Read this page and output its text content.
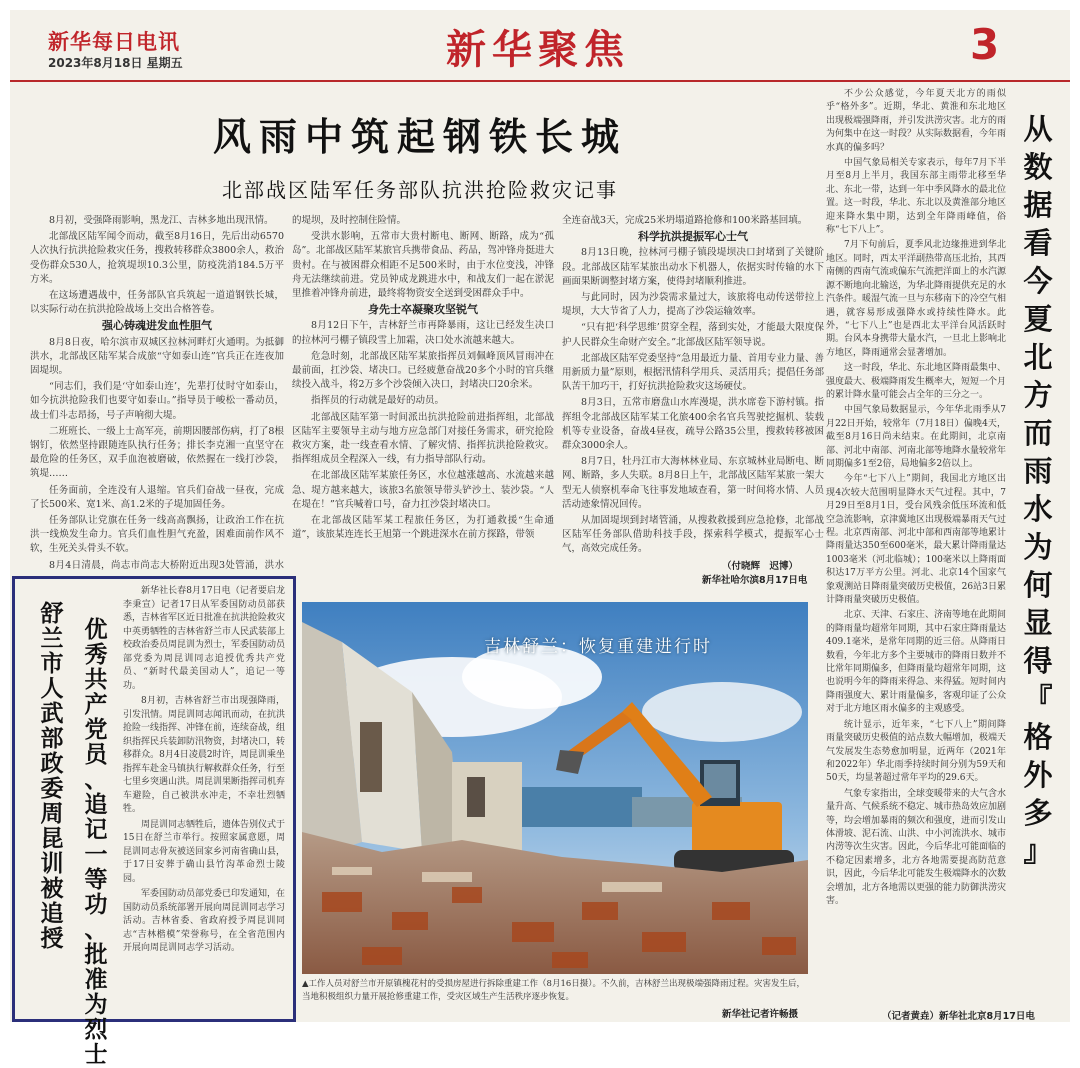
新华每日电讯
2023年8月18日 星期五	新华聚焦	3
风雨中筑起钢铁长城
北部战区陆军任务部队抗洪抢险救灾记事

8月初，受强降雨影响，黑龙江、吉林多地出现汛情。

北部战区陆军闻令而动，截至8月16日，先后出动6570人次执行抗洪抢险救灾任务，搜救转移群众3800余人，救治受伤群众530人，抢筑堤坝10.3公里，防疫洗消184.5万平方米。

在这场遭遇战中，任务部队官兵筑起一道道钢铁长城，以实际行动在抗洪抢险战场上交出合格答卷。

强心铸魂进发血性胆气

8月8日夜，哈尔滨市双城区拉林河畔灯火通明。为抵御洪水，北部战区陆军某合成旅“守如泰山连”官兵正在连夜加固堤坝。

“同志们，我们是‘守如泰山连’，先辈打仗时守如泰山，如今抗洪抢险我们也要守如泰山。”指导员于峻松一番动员，战士们斗志昂扬，号子声响彻大堤。

二班班长、一级上士高军亮，前期因腰部伤病，打了8根钢钉，依然坚持跟随连队执行任务；排长李克湘一直坚守在最危险的任务区，双手血泡被磨破，依然握在一线打沙袋，筑堤……

任务面前，全连没有人退缩。官兵们奋战一昼夜，完成了长500米、宽1米、高1.2米的子堤加固任务。

任务部队让党旗在任务一线高高飘扬，让政治工作在抗洪一线焕发生命力。官兵们血性胆气充盈，困难面前作风不软，生死关头骨头不软。

8月4日清晨，尚志市尚志大桥附近出现3处管涌，洪水

的堤坝，及时控制住险情。

受洪水影响，五常市大贵村断电、断网、断路，成为“孤岛”。北部战区陆军某旅官兵携带食品、药品，驾冲锋舟挺进大贵村。在与被困群众相距不足500米时，由于水位变浅，冲锋舟无法继续前进。党员钟成龙跳进水中，和战友们一起在淤泥里推着冲锋舟前进，最终将物资安全送到受困群众手中。

身先士卒凝聚攻坚锐气

8月12日下午，吉林舒兰市再降暴雨，这让已经发生决口的拉林河弓棚子镇段雪上加霜，决口处水流越来越大。

危急时刻，北部战区陆军某旅指挥员刘佩峰顶风冒雨冲在最前面，扛沙袋、堵决口。已经疲惫奋战20多个小时的官兵继续投入战斗，将2万多个沙袋倾入决口，封堵决口20余米。

指挥员的行动就是最好的动员。

北部战区陆军第一时间派出抗洪抢险前进指挥组，北部战区陆军主要领导主动与地方应急部门对接任务需求，研究抢险救灾方案，赴一线查看水情、了解灾情、指挥抗洪抢险救灾。指挥组成员全程深入一线，有力指导部队行动。

在北部战区陆军某旅任务区，水位越涨越高、水流越来越急、堤方越来越大，该旅3名旅领导带头铲沙土、装沙袋。“人在堤在！”官兵喊着口号，奋力扛沙袋封堵决口。

在北部战区陆军某工程旅任务区，为打通救援“生命通道”，该旅某连连长王旭第一个跳进深水在前方探路，带领

全连奋战3天，完成25米坍塌道路抢修和100米路基回填。

科学抗洪提振军心士气

8月13日晚，拉林河弓棚子镇段堤坝决口封堵到了关键阶段。北部战区陆军某旅出动水下机器人，依据实时传输的水下画面果断调整封堵方案，使得封堵顺利推进。

与此同时，因为沙袋需求量过大，该旅将电动传送带拉上堤坝，大大节省了人力，提高了沙袋运输效率。

“只有把‘科学思维’贯穿全程，落到实处，才能最大限度保护人民群众生命财产安全。”北部战区陆军领导说。

北部战区陆军党委坚持“急用最近力量、首用专业力量、善用新质力量”原则，根据汛情科学用兵、灵活用兵；提倡任务部队苦干加巧干，打好抗洪抢险救灾这场硬仗。

8月3日，五常市磨盘山水库漫堤，洪水席卷下游村镇。指挥组令北部战区陆军某工化旅400余名官兵驾驶挖掘机、装载机等专业设备，奋战4昼夜，疏导公路35公里，搜救转移被困群众3000余人。

8月7日，牡丹江市大海林林业局、东京城林业局断电、断网、断路，多人失联。8月8日上午，北部战区陆军某旅一架大型无人侦察机奉命飞往事发地域查看，第一时间将水情、人员活动迹象情况回传。

从加固堤坝到封堵管涌，从搜救救援到应急抢修，北部战区陆军任务部队借助科技手段，探索科学模式，提振军心士气，高效完成任务。

（付晓辉　迟博）
新华社哈尔滨8月17日电
舒
兰
市
人
武
部
政
委
周
昆
训
被
追
授
优
秀
共
产
党
员
、
追
记
一
等
功
、
批
准
为
烈
士

新华社长春8月17日电（记者要启龙　李秉宣）记者17日从军委国防动员部获悉，吉林省军区近日批准在抗洪抢险救灾中英勇牺牲的吉林省舒兰市人民武装部上校政治委员周昆训为烈士，军委国防动员部党委为周昆训同志追授优秀共产党员、“新时代最美国动人”，追记一等功。

8月初，吉林省舒兰市出现强降雨，引发汛情。周昆训同志闻讯而动，在抗洪抢险一线指挥、冲锋在前，连续奋战，组织指挥民兵装卸防汛物资，封堵决口，转移群众。8月4日凌晨2时许，周昆训乘坐指挥车赴金马镇执行解救群众任务，行至七里乡突遇山洪。周昆训果断指挥司机弃车避险，自己被洪水冲走，不幸壮烈牺牲。

周昆训同志牺牲后，遗体告别仪式于15日在舒兰市举行。按照家属意愿，周昆训同志骨灰被送回家乡河南省确山县，于17日安葬于确山县竹沟革命烈士陵园。

军委国防动员部党委已印发通知，在国防动员系统部署开展向周昆训同志学习活动。吉林省委、省政府授予周昆训同志“吉林楷模”荣誉称号，在全省范围内开展向周昆训同志学习活动。

吉林舒兰：恢复重建进行时
▲工作人员对舒兰市开原镇槐花村的受损房屋进行拆除重建工作（8月16日摄）。不久前，吉林舒兰出现极端强降雨过程。灾害发生后，当地积极组织力量开展抢修重建工作，受灾区域生产生活秩序逐步恢复。
新华社记者许畅摄

不少公众感觉，今年夏天北方的雨似乎“格外多”。近期，华北、黄淮和东北地区出现极端强降雨，并引发洪涝灾害。北方的雨为何集中在这一时段？从实际数据看，今年雨水真的偏多吗？

中国气象局相关专家表示，每年7月下半月至8月上半月，我国东部主雨带北移至华北、东北一带，达到一年中季风降水的最北位置。这一时段，华北、东北以及黄淮部分地区迎来降水集中期，达到全年降雨峰值，俗称“七下八上”。

7月下旬前后，夏季风北边缘推进到华北地区。同时，西太平洋副热带高压北抬，其西南侧的西南气流或偏东气流把洋面上的水汽源源不断地向北输送，为华北降雨提供充足的水汽条件。暖湿气流一旦与东移南下的冷空气相遇，就容易形成强降水或持续性降水。此外，“七下八上”也是西北太平洋台风活跃时期。台风本身携带大量水汽，一旦北上影响北方地区，降雨通常会显著增加。

这一时段，华北、东北地区降雨最集中、强度最大、极端降雨发生概率大，短短一个月的累计降水量可能会占全年的三分之一。

中国气象局数据显示，今年华北雨季从7月22日开始，较常年（7月18日）偏晚4天，截至8月16日尚未结束。在此期间，北京南部、河北中南部、河南北部等地降水量较常年同期偏多1至2倍，局地偏多2倍以上。

今年“七下八上”期间，我国北方地区出现4次较大范围明显降水天气过程。其中，7月29日至8月1日，受台风残余低压环流和低空急流影响，京津冀地区出现极端暴雨天气过程。北京西南部、河北中部和西南部等地累计降雨量达350至600毫米，最大累计降雨量达1003毫米（河北临城）；100毫米以上降雨面积达17万平方公里。河北、北京14个国家气象观测站日降雨量突破历史极值，26站3日累计降雨量突破历史极值。

北京、天津、石家庄、济南等地在此期间的降雨量均超常年同期，其中石家庄降雨量达409.1毫米，是常年同期的近三倍。从降雨日数看，今年北方多个主要城市的降雨日数并不比常年同期偏多，但降雨量均超常年同期，这也说明今年的降雨来得急、来得猛。短时间内降雨强度大、累计雨量偏多，客观印证了公众对于北方地区雨水偏多的主观感受。

统计显示，近年来，“七下八上”期间降雨量突破历史极值的站点数大幅增加，极端天气发展发生态势愈加明显，近两年（2021年和2022年）华北雨季持续时间分别为59天和50天，均显著超过常年平均的29.6天。

气象专家指出，全球变暖带来的大气含水量升高、气候系统不稳定、城市热岛效应加剧等，均会增加暴雨的频次和强度，进而引发山体滑坡、泥石流、山洪、中小河流洪水、城市内涝等次生灾害。因此，今后华北可能面临的不稳定因素增多，北方各地需要提高防范意识，因此，今后华北可能发生极端降水的次数会增加，北方各地需以更强的能力防御洪涝灾害。

（记者黄垚）新华社北京8月17日电
从
数
据
看
今
夏
北
方
而
雨
水
为
何
显
得
『
格
外
多
』
